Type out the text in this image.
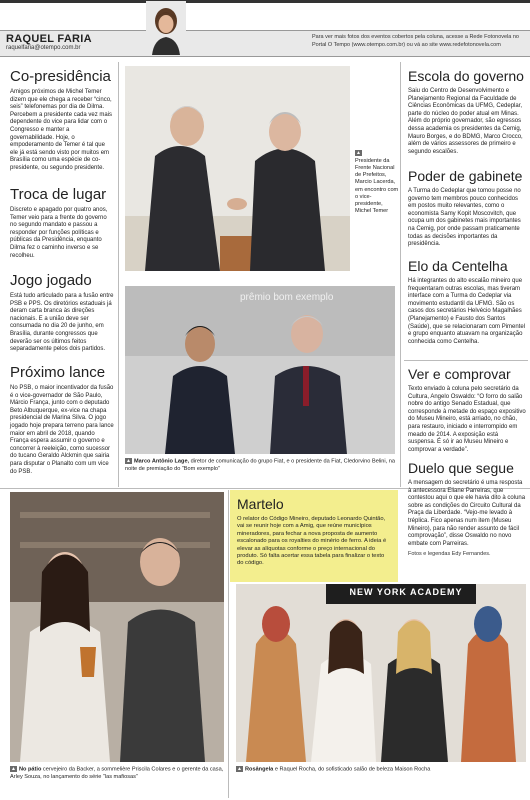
RAQUEL FARIA
raquelfaria@otempo.com.br
Para ver mais fotos dos eventos cobertos pela coluna, acesse a Rede Fotonovela no Portal O Tempo (www.otempo.com.br) ou vá ao site www.redefotonovela.com
Co-presidência

Amigos próximos de Michel Temer dizem que ele chega a receber “cinco, seis” telefonemas por dia de Dilma. Percebem a presidente cada vez mais dependente do vice para lidar com o Congresso e manter a governabilidade. Hoje, o empoderamento de Temer é tal que ele já está sendo visto por muitos em Brasília como uma espécie de co-presidente, ou segundo presidente.

Troca de lugar

Discreto e apagado por quatro anos, Temer veio para a frente do governo no segundo mandato e passou a responder por funções políticas e públicas da Presidência, enquanto Dilma fez o caminho inverso e se recolheu.

Jogo jogado

Está tudo articulado para a fusão entre PSB e PPS. Os diretórios estaduais já deram carta branca às direções nacionais. E a união deve ser consumada no dia 20 de junho, em Brasília, durante congressos que deverão ser os últimos feitos separadamente pelos dois partidos.

Próximo lance

No PSB, o maior incentivador da fusão é o vice-governador de São Paulo, Márcio França, junto com o deputado Beto Albuquerque, ex-vice na chapa presidencial de Marina Silva. O jogo jogado hoje prepara terreno para lance maior em abril de 2018, quando França espera assumir o governo e concorrer à reeleição, como sucessor do tucano Geraldo Alckmin que sairia para disputar o Planalto com um vice do PSB.

▲
Presidente da Frente Nacional de Prefeitos, Marcio Lacerda, em encontro com o vice-presidente, Michel Temer
prêmio bom exemplo
▲ Marco Antônio Lage, diretor de comunicação do grupo Fiat, e o presidente da Fiat, Cledorvino Belini, na noite de premiação do “Bom exemplo”
Escola do governo

Saiu do Centro de Desenvolvimento e Planejamento Regional da Faculdade de Ciências Econômicas da UFMG, Cedeplar, parte do núcleo do poder atual em Minas. Além do próprio governador, são egressos dessa academia os presidentes da Cemig, Mauro Borges, e do BDMG, Marco Crocco, além de vários assessores de primeiro e segundo escalões.

Poder de gabinete

A Turma do Cedeplar que tomou posse no governo tem membros pouco conhecidos em postos muito relevantes, como o economista Samy Kopit Moscovitch, que ocupa um dos gabinetes mais importantes na Cemig, por onde passam praticamente todas as decisões importantes da presidência.

Elo da Centelha

Há integrantes do alto escalão mineiro que frequentaram outras escolas, mas tiveram interface com a Turma do Cedeplar via movimento estudantil da UFMG. São os casos dos secretários Helvécio Magalhães (Planejamento) e Fausto dos Santos (Saúde), que se relacionaram com Pimentel e grupo enquanto atuavam na organização conhecida como Centelha.

Ver e comprovar

Texto enviado à coluna pelo secretário da Cultura, Angelo Oswaldo: “O forro do salão nobre do antigo Senado Estadual, que corresponde à metade do espaço expositivo do Museu Mineiro, está arriado, no chão, para restauro, iniciado e interrompido em meado de 2014. A exposição está suspensa. É só ir ao Museu Mineiro e comprovar a verdade”.

Duelo que segue

A mensagem do secretário é uma resposta à antecessora Eliane Parreiras, que contestou aqui o que ele havia dito à coluna sobre as condições do Circuito Cultural da Praça da Liberdade. “Vejo-me levado à tréplica. Fico apenas num item (Museu Mineiro), para não render assunto de fácil comprovação”, disse Oswaldo no novo embate com Parreiras.

Fotos e legendas Edy Fernandes.
▲ No pátio cervejeiro da Backer, a sommelière Priscila Colares e o gerente da casa, Arley Souza, no lançamento do série “las mafiosas”
Martelo
O relator do Código Mineiro, deputado Leonardo Quintão, vai se reunir hoje com a Amig, que reúne municípios mineradores, para fechar a nova proposta de aumento escalonado para os royalties do minério de ferro. A ideia é elevar as alíquotas conforme o preço internacional do produto. Só falta acertar essa tabela para finalizar o texto do código.
NEW YORK ACADEMY
▲ Rosângela e Raquel Rocha, do sofisticado salão de beleza Maison Rocha
